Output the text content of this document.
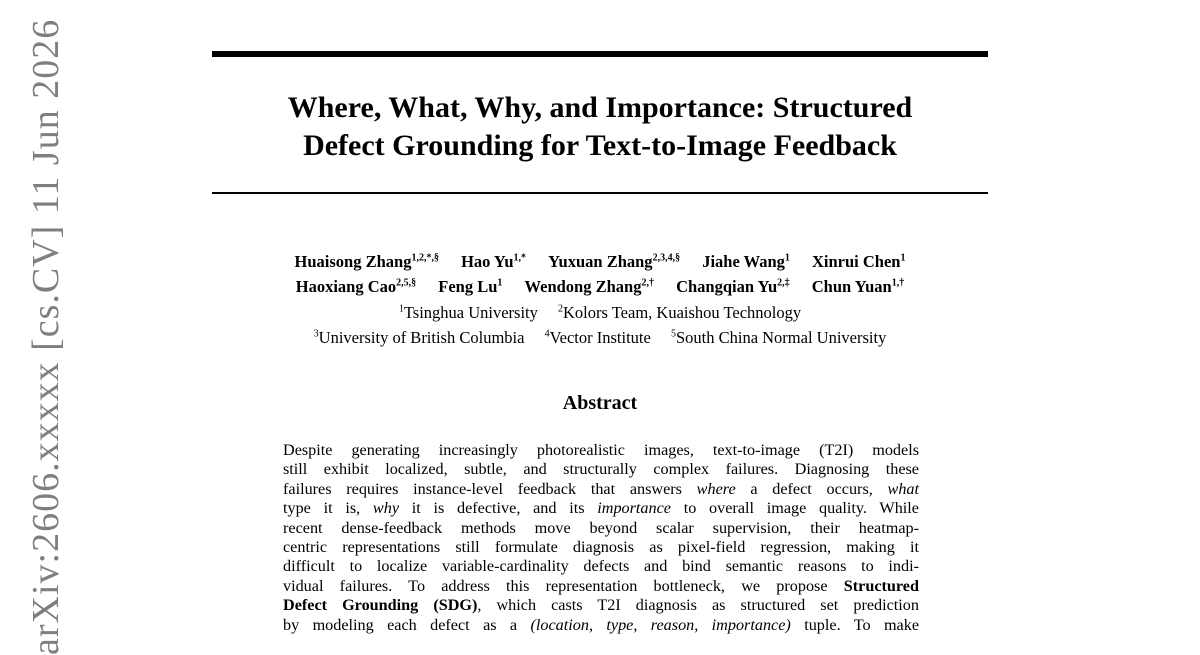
Where, What, Why, and Importance: Structured
Defect Grounding for Text-to-Image Feedback
Huaisong Zhang$^{1,2,*,\S}$ Hao $Yu^{1,*}$ Yuxuan Zhang$^{2,3,4,\S}$ Jiahe Wang$^1$ Xinrui Chen$^1$
Haoxiang Cao$^{2,5,\S}$ Feng Lu$^1$ Wendong Zhang$^{2,\dagger}$ Changqian $Yu^{2,\ddagger}$ Chun Yuan$^{1,\dagger}$
$^1$Tsinghua University $^2$Kolors Team, Kuaishou Technology
$^3$University of British Columbia $^4$Vector Institute $^5$South China Normal University
Abstract
Despite generating increasingly photorealistic images, text-to-image (T2I) models
still exhibit localized, subtle, and structurally complex failures. Diagnosing these
failures requires instance-level feedback that answers where a defect occurs, what
type it is, why it is defective, and its importance to overall image quality. While
recent dense-feedback methods move beyond scalar supervision, their heatmap-
centric representations still formulate diagnosis as pixel-field regression, making it
difficult to localize variable-cardinality defects and bind semantic reasons to indi-
vidual failures. To address this representation bottleneck, we propose Structured
Defect Grounding (SDG), which casts T2I diagnosis as structured set prediction
by modeling each defect as a (location, type, reason, importance) tuple. To make
arXiv:2606.xxxxx [cs.CV] 11 Jun 2026
